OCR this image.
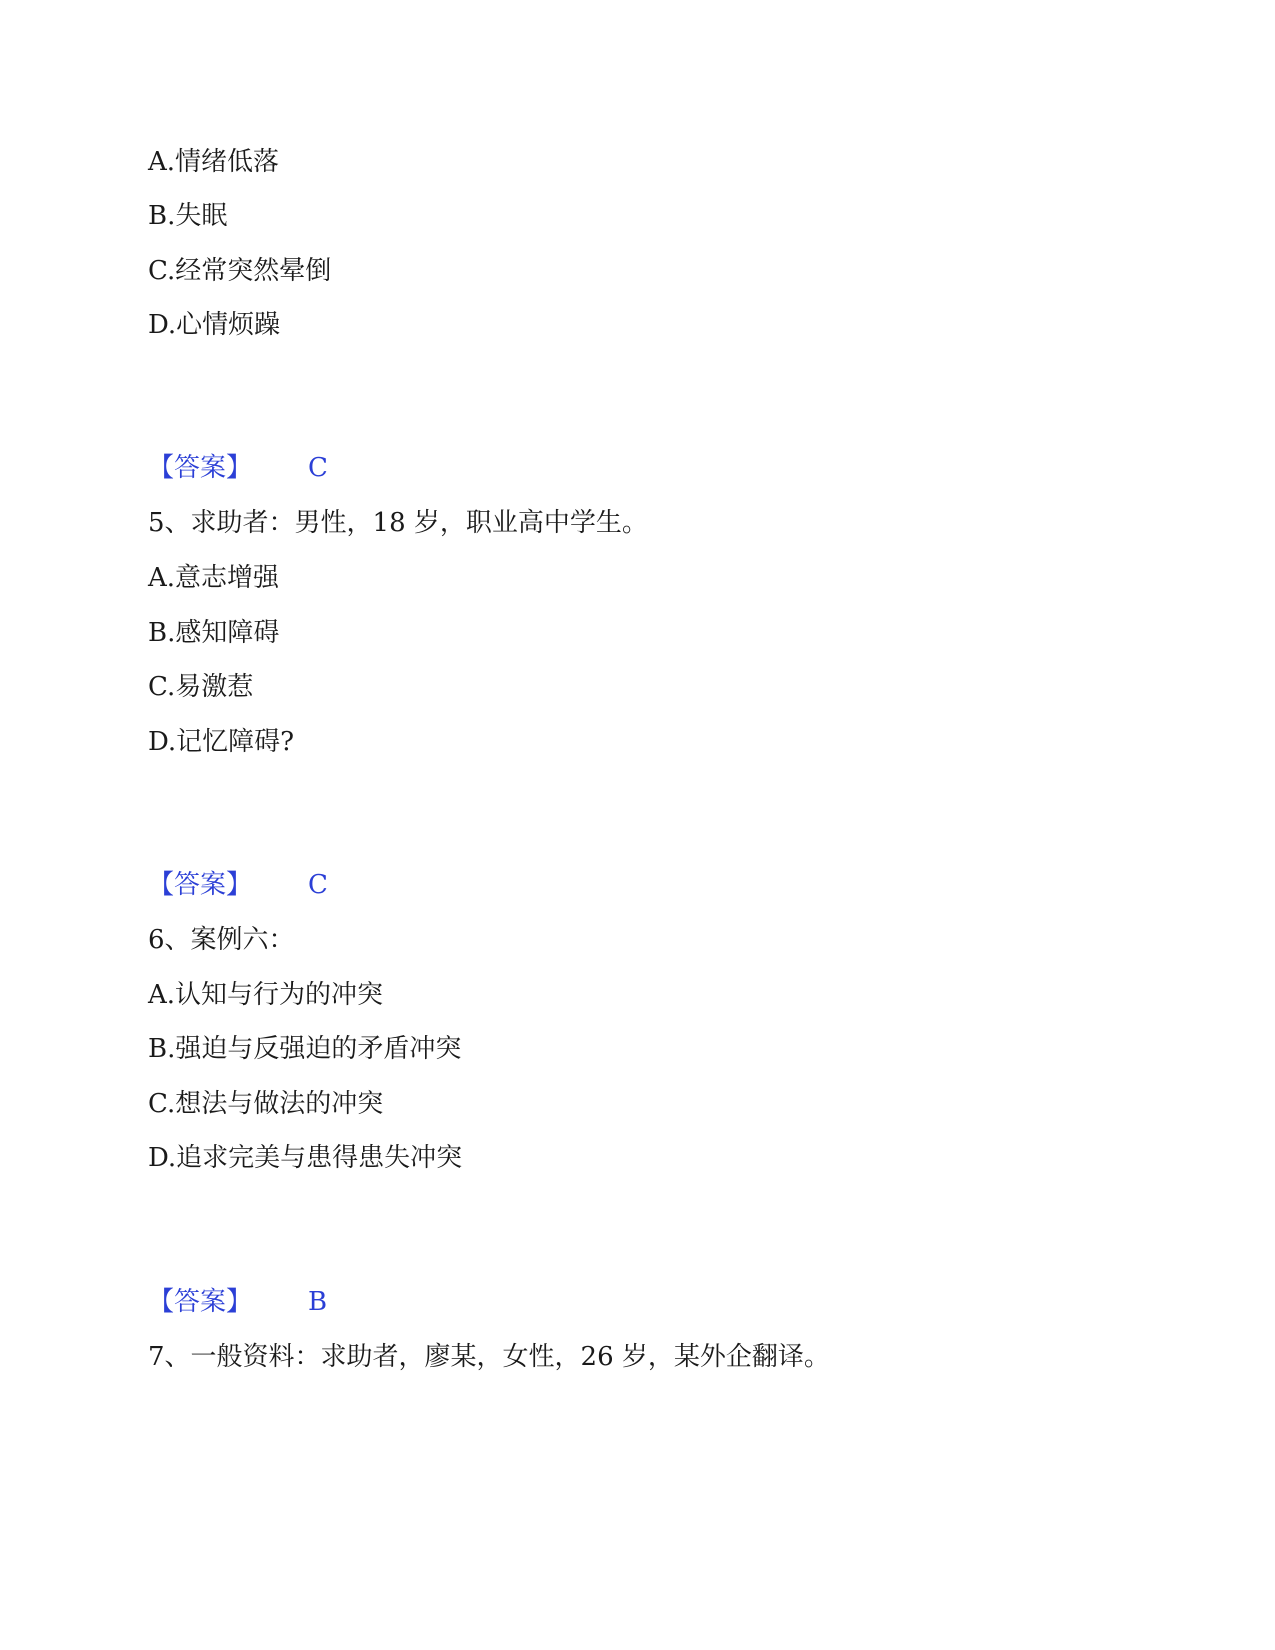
A.情绪低落
B.失眠
C.经常突然晕倒
D.心情烦躁
【答案】 C
5、求助者：男性，18 岁，职业高中学生。
A.意志增强
B.感知障碍
C.易激惹
D.记忆障碍?
【答案】 C
6、案例六：
A.认知与行为的冲突
B.强迫与反强迫的矛盾冲突
C.想法与做法的冲突
D.追求完美与患得患失冲突
【答案】 B
7、一般资料：求助者，廖某，女性，26 岁，某外企翻译。
